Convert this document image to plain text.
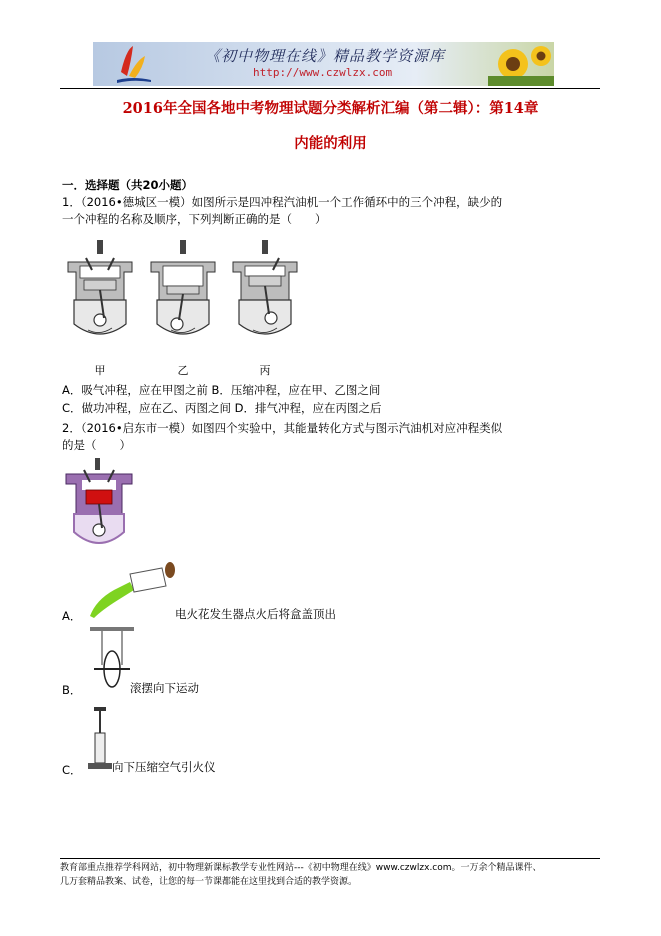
《初中物理在线》精品教学资源库
http://www.czwlzx.com
2016年全国各地中考物理试题分类解析汇编（第二辑）：第14章
内能的利用
一．选择题（共20小题）
1．（2016•德城区一模）如图所示是四冲程汽油机一个工作循环中的三个冲程，缺少的
一个冲程的名称及顺序，下列判断正确的是（　　）
甲	乙	丙
A．吸气冲程，应在甲图之前 B．压缩冲程，应在甲、乙图之间
C．做功冲程，应在乙、丙图之间 D．排气冲程，应在丙图之后
2．（2016•启东市一模）如图四个实验中，其能量转化方式与图示汽油机对应冲程类似
的是（　　）
A．	电火花发生器点火后将盒盖顶出
B．	滚摆向下运动
C．	向下压缩空气引火仪
教育部重点推荐学科网站，初中物理新课标教学专业性网站---《初中物理在线》www.czwlzx.com。一万余个精品课件、
几万套精品教案、试卷，让您的每一节课都能在这里找到合适的教学资源。
